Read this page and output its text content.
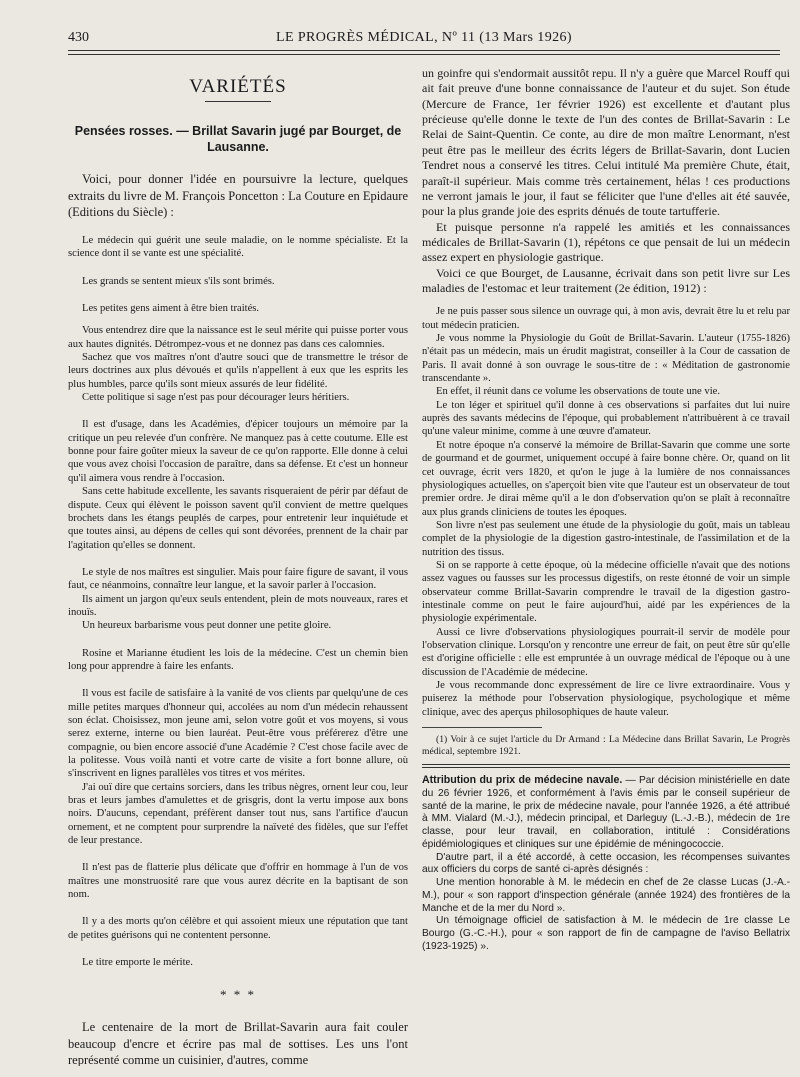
430	LE PROGRÈS MÉDICAL, Nº 11 (13 Mars 1926)
VARIÉTÉS
Pensées rosses. — Brillat Savarin jugé par Bourget, de Lausanne.

Voici, pour donner l'idée en poursuivre la lecture, quelques extraits du livre de M. François Poncetton : La Couture en Epidaure (Editions du Siècle) :

Le médecin qui guérit une seule maladie, on le nomme spécialiste. Et la science dont il se vante est une spécialité.

Les grands se sentent mieux s'ils sont brimés.

Les petites gens aiment à être bien traités.

Vous entendrez dire que la naissance est le seul mérite qui puisse porter vous aux hautes dignités. Détrompez-vous et ne donnez pas dans ces calomnies.

Sachez que vos maîtres n'ont d'autre souci que de transmettre le trésor de leurs doctrines aux plus dévoués et qu'ils n'appellent à eux que les esprits les plus humbles, parce qu'ils sont mieux assurés de leur fidélité.

Cette politique si sage n'est pas pour décourager leurs héritiers.

Il est d'usage, dans les Académies, d'épicer toujours un mémoire par la critique un peu relevée d'un confrère. Ne manquez pas à cette coutume. Elle est bonne pour faire goûter mieux la saveur de ce qu'on rapporte. Elle donne à celui que vous avez choisi l'occasion de paraître, dans sa défense. Et c'est un honneur qu'il aimera vous rendre à l'occasion.

Sans cette habitude excellente, les savants risqueraient de périr par défaut de dispute. Ceux qui élèvent le poisson savent qu'il convient de mettre quelques brochets dans les étangs peuplés de carpes, pour entretenir leur inquiétude et que toutes ainsi, au dépens de celles qui sont dévorées, prennent de la chair par l'agitation qu'elles se donnent.

Le style de nos maîtres est singulier. Mais pour faire figure de savant, il vous faut, ce néanmoins, connaître leur langue, et la savoir parler à l'occasion.

Ils aiment un jargon qu'eux seuls entendent, plein de mots nouveaux, rares et inouïs.

Un heureux barbarisme vous peut donner une petite gloire.

Rosine et Marianne étudient les lois de la médecine. C'est un chemin bien long pour apprendre à faire les enfants.

Il vous est facile de satisfaire à la vanité de vos clients par quelqu'une de ces mille petites marques d'honneur qui, accolées au nom d'un médecin rehaussent son éclat. Choisissez, mon jeune ami, selon votre goût et vos moyens, si vous serez externe, interne ou bien lauréat. Peut-être vous préférerez d'être une compagnie, ou bien encore associé d'une Académie ? C'est chose facile avec de la politesse. Vous voilà nanti et votre carte de visite a fort bonne allure, où s'inscrivent en lignes parallèles vos titres et vos mérites.

J'ai ouï dire que certains sorciers, dans les tribus nègres, ornent leur cou, leur bras et leurs jambes d'amulettes et de grisgris, dont la vertu impose aux bons noirs. D'aucuns, cependant, préfèrent danser tout nus, sans l'artifice d'aucun ornement, et ne comptent pour surprendre la naïveté des fidèles, que sur l'effet de leur prestance.

Il n'est pas de flatterie plus délicate que d'offrir en hommage à l'un de vos maîtres une monstruosité rare que vous aurez décrite en la baptisant de son nom.

Il y a des morts qu'on célèbre et qui assoient mieux une réputation que tant de petites guérisons qui ne contentent personne.

Le titre emporte le mérite.

* * *

Le centenaire de la mort de Brillat-Savarin aura fait couler beaucoup d'encre et écrire pas mal de sottises. Les uns l'ont représenté comme un cuisinier, d'autres, comme

un goinfre qui s'endormait aussitôt repu. Il n'y a guère que Marcel Rouff qui ait fait preuve d'une bonne connaissance de l'auteur et du sujet. Son étude (Mercure de France, 1er février 1926) est excellente et d'autant plus précieuse qu'elle donne le texte de l'un des contes de Brillat-Savarin : Le Relai de Saint-Quentin. Ce conte, au dire de mon maître Lenormant, n'est peut être pas le meilleur des écrits légers de Brillat-Savarin, dont Lucien Tendret nous a conservé les titres. Celui intitulé Ma première Chute, était, paraît-il supérieur. Mais comme très certainement, hélas ! ces productions ne verront jamais le jour, il faut se féliciter que l'une d'elles ait été sauvée, pour la plus grande joie des esprits dénués de toute tartufferie.

Et puisque personne n'a rappelé les amitiés et les connaissances médicales de Brillat-Savarin (1), répétons ce que pensait de lui un médecin assez expert en physiologie gastrique.

Voici ce que Bourget, de Lausanne, écrivait dans son petit livre sur Les maladies de l'estomac et leur traitement (2e édition, 1912) :

Je ne puis passer sous silence un ouvrage qui, à mon avis, devrait être lu et relu par tout médecin praticien.

Je vous nomme la Physiologie du Goût de Brillat-Savarin. L'auteur (1755-1826) n'était pas un médecin, mais un érudit magistrat, conseiller à la Cour de cassation de Paris. Il avait donné à son ouvrage le sous-titre de : « Méditation de gastronomie transcendante ».

En effet, il réunit dans ce volume les observations de toute une vie.

Le ton léger et spirituel qu'il donne à ces observations si parfaites dut lui nuire auprès des savants médecins de l'époque, qui probablement n'attribuèrent à ce travail qu'une valeur minime, comme à une œuvre d'amateur.

Et notre époque n'a conservé la mémoire de Brillat-Savarin que comme une sorte de gourmand et de gourmet, uniquement occupé à faire bonne chère. Or, quand on lit cet ouvrage, écrit vers 1820, et qu'on le juge à la lumière de nos connaissances physiologiques actuelles, on s'aperçoit bien vite que l'auteur est un observateur de tout premier ordre. Je dirai même qu'il a le don d'observation qu'on se plaît à reconnaître aux plus grands cliniciens de toutes les époques.

Son livre n'est pas seulement une étude de la physiologie du goût, mais un tableau complet de la physiologie de la digestion gastro-intestinale, de l'assimilation et de la nutrition des tissus.

Si on se rapporte à cette époque, où la médecine officielle n'avait que des notions assez vagues ou fausses sur les processus digestifs, on reste étonné de voir un simple observateur comme Brillat-Savarin comprendre le travail de la digestion gastro-intestinale comme on peut le faire aujourd'hui, aidé par les expériences de la physiologie expérimentale.

Aussi ce livre d'observations physiologiques pourrait-il servir de modèle pour l'observation clinique. Lorsqu'on y rencontre une erreur de fait, on peut être sûr qu'elle est d'origine officielle : elle est empruntée à un ouvrage médical de l'époque ou à une discussion de l'Académie de médecine.

Je vous recommande donc expressément de lire ce livre extraordinaire. Vous y puiserez la méthode pour l'observation physiologique, psychologique et même clinique, avec des aperçus philosophiques de haute valeur.

(1) Voir à ce sujet l'article du Dr Armand : La Médecine dans Brillat Savarin, Le Progrès médical, septembre 1921.

Attribution du prix de médecine navale. — Par décision ministérielle en date du 26 février 1926, et conformément à l'avis émis par le conseil supérieur de santé de la marine, le prix de médecine navale, pour l'année 1926, a été attribué à MM. Vialard (M.-J.), médecin principal, et Darleguy (L.-J.-B.), médecin de 1re classe, pour leur travail, en collaboration, intitulé : Considérations épidémiologiques et cliniques sur une épidémie de méningococcie.

D'autre part, il a été accordé, à cette occasion, les récompenses suivantes aux officiers du corps de santé ci-après désignés :

Une mention honorable à M. le médecin en chef de 2e classe Lucas (J.-A.-M.), pour « son rapport d'inspection générale (année 1924) des frontières de la Manche et de la mer du Nord ».

Un témoignage officiel de satisfaction à M. le médecin de 1re classe Le Bourgo (G.-C.-H.), pour « son rapport de fin de campagne de l'aviso Bellatrix (1923-1925) ».
